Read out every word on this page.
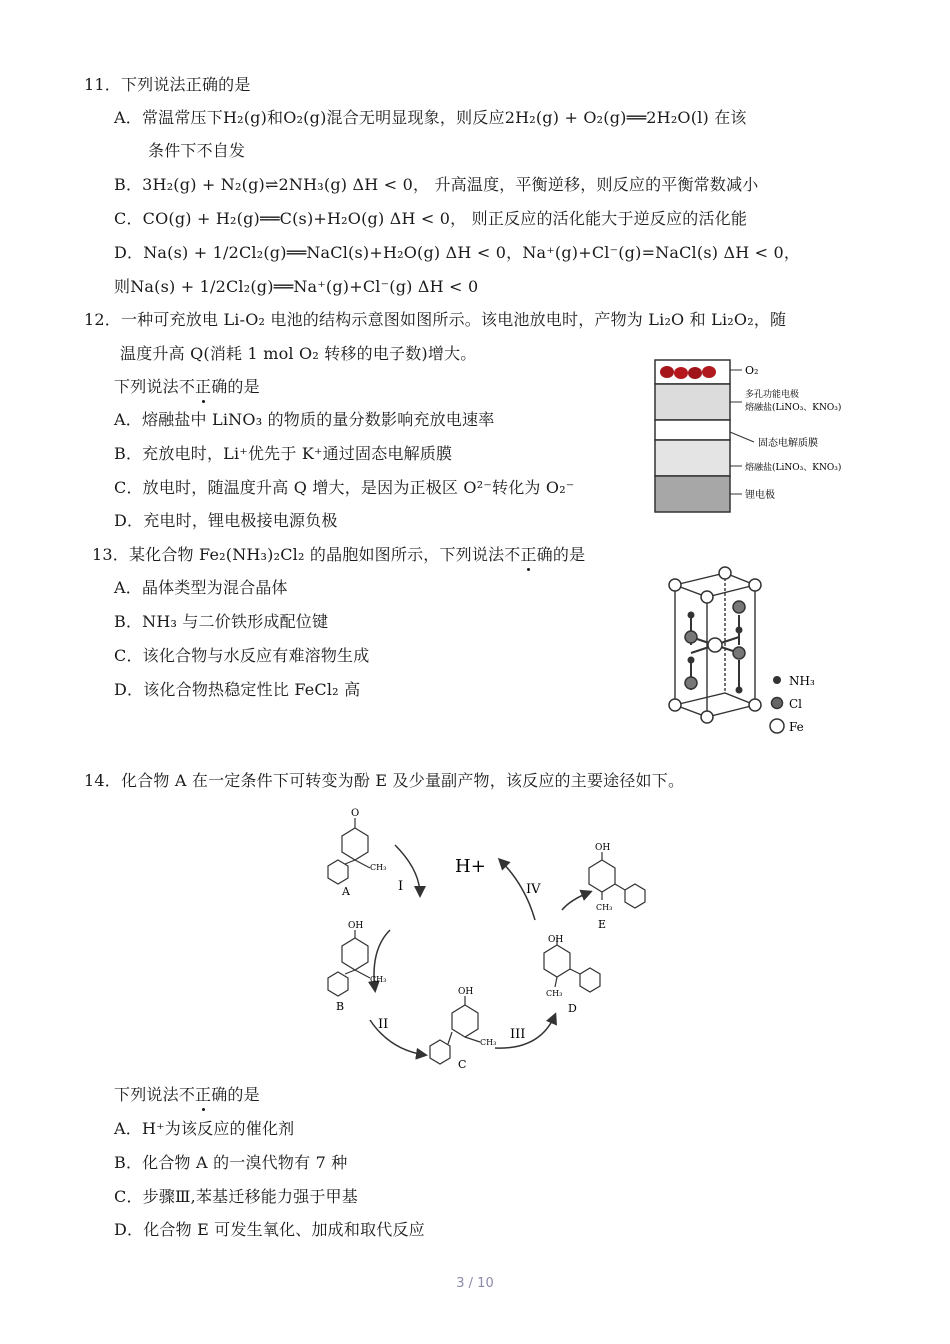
11．下列说法正确的是
A．常温常压下H₂(g)和O₂(g)混合无明显现象，则反应2H₂(g) + O₂(g)══2H₂O(l) 在该
条件下不自发
B．3H₂(g) + N₂(g)⇌2NH₃(g) ΔH < 0， 升高温度，平衡逆移，则反应的平衡常数减小
C．CO(g) + H₂(g)══C(s)+H₂O(g) ΔH < 0， 则正反应的活化能大于逆反应的活化能
D．Na(s) + 1/2Cl₂(g)══NaCl(s)+H₂O(g) ΔH < 0，Na⁺(g)+Cl⁻(g)=NaCl(s) ΔH < 0，
则Na(s) + 1/2Cl₂(g)══Na⁺(g)+Cl⁻(g) ΔH < 0
12．一种可充放电 Li-O₂ 电池的结构示意图如图所示。该电池放电时，产物为 Li₂O 和 Li₂O₂，随
温度升高 Q(消耗 1 mol O₂ 转移的电子数)增大。
下列说法不正确的是
A．熔融盐中 LiNO₃ 的物质的量分数影响充放电速率
B．充放电时，Li⁺优先于 K⁺通过固态电解质膜
C．放电时，随温度升高 Q 增大，是因为正极区 O²⁻转化为 O₂⁻
D．充电时，锂电极接电源负极
O₂
多孔功能电极
熔融盐(LiNO₃、KNO₃)
固态电解质膜
熔融盐(LiNO₃、KNO₃)
锂电极
13．某化合物 Fe₂(NH₃)₂Cl₂ 的晶胞如图所示，下列说法不正确的是
A．晶体类型为混合晶体
B．NH₃ 与二价铁形成配位键
C．该化合物与水反应有难溶物生成
D．该化合物热稳定性比 FeCl₂ 高	NH₃
Cl
Fe
14．化合物 A 在一定条件下可转变为酚 E 及少量副产物，该反应的主要途径如下。
H+
I
II
III
IV
O
CH₃
A
OH
CH₃
B
OH
CH₃
C
OH
CH₃
D
OH
CH₃
E
下列说法不正确的是
A．H⁺为该反应的催化剂
B．化合物 A 的一溴代物有 7 种
C．步骤Ⅲ,苯基迁移能力强于甲基
D．化合物 E 可发生氧化、加成和取代反应
3 / 10
